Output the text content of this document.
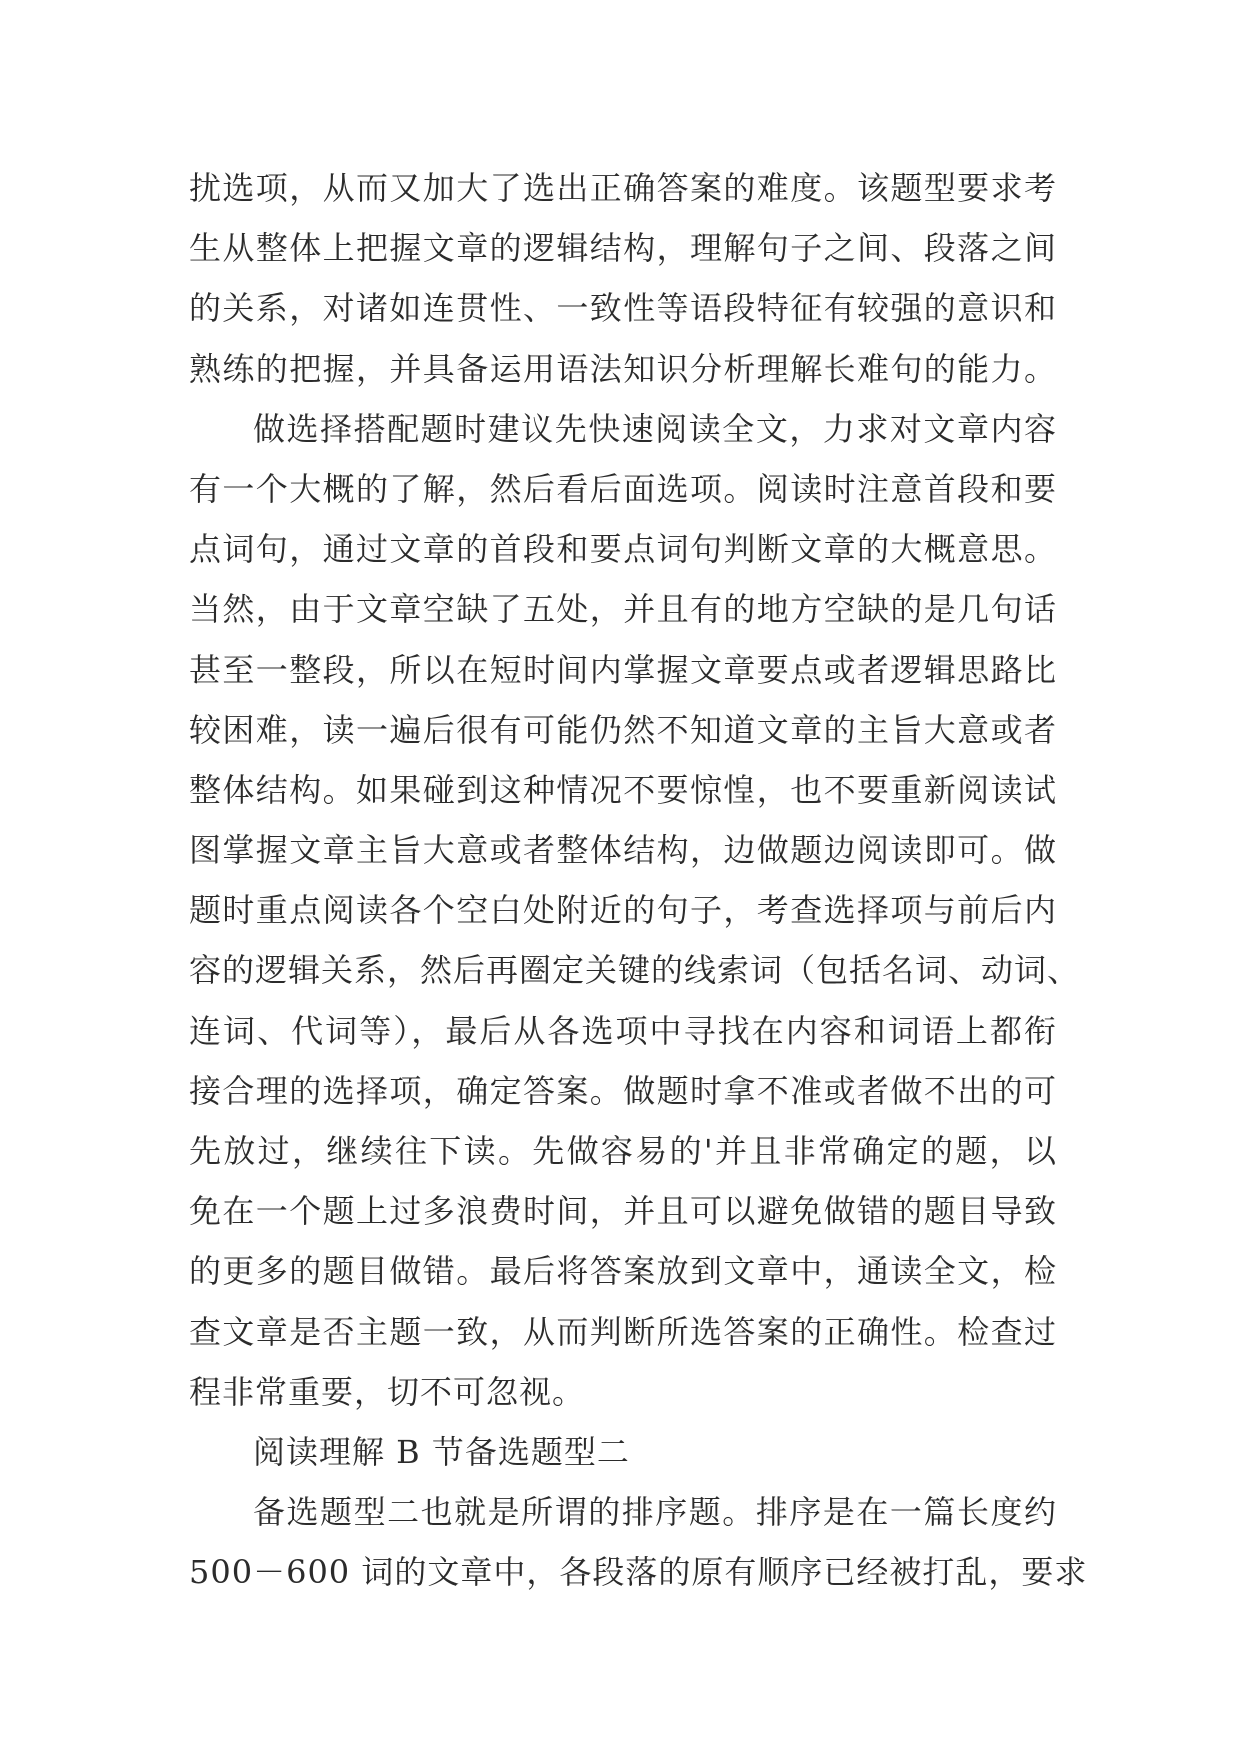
扰选项，从而又加大了选出正确答案的难度。该题型要求考
生从整体上把握文章的逻辑结构，理解句子之间、段落之间
的关系，对诸如连贯性、一致性等语段特征有较强的意识和
熟练的把握，并具备运用语法知识分析理解长难句的能力。
做选择搭配题时建议先快速阅读全文，力求对文章内容
有一个大概的了解，然后看后面选项。阅读时注意首段和要
点词句，通过文章的首段和要点词句判断文章的大概意思。
当然，由于文章空缺了五处，并且有的地方空缺的是几句话
甚至一整段，所以在短时间内掌握文章要点或者逻辑思路比
较困难，读一遍后很有可能仍然不知道文章的主旨大意或者
整体结构。如果碰到这种情况不要惊惶，也不要重新阅读试
图掌握文章主旨大意或者整体结构，边做题边阅读即可。做
题时重点阅读各个空白处附近的句子，考查选择项与前后内
容的逻辑关系，然后再圈定关键的线索词（包括名词、动词、
连词、代词等），最后从各选项中寻找在内容和词语上都衔
接合理的选择项，确定答案。做题时拿不准或者做不出的可
先放过，继续往下读。先做容易的'并且非常确定的题，以
免在一个题上过多浪费时间，并且可以避免做错的题目导致
的更多的题目做错。最后将答案放到文章中，通读全文，检
查文章是否主题一致，从而判断所选答案的正确性。检查过
程非常重要，切不可忽视。
阅读理解 B 节备选题型二
备选题型二也就是所谓的排序题。排序是在一篇长度约
500－600 词的文章中，各段落的原有顺序已经被打乱，要求
